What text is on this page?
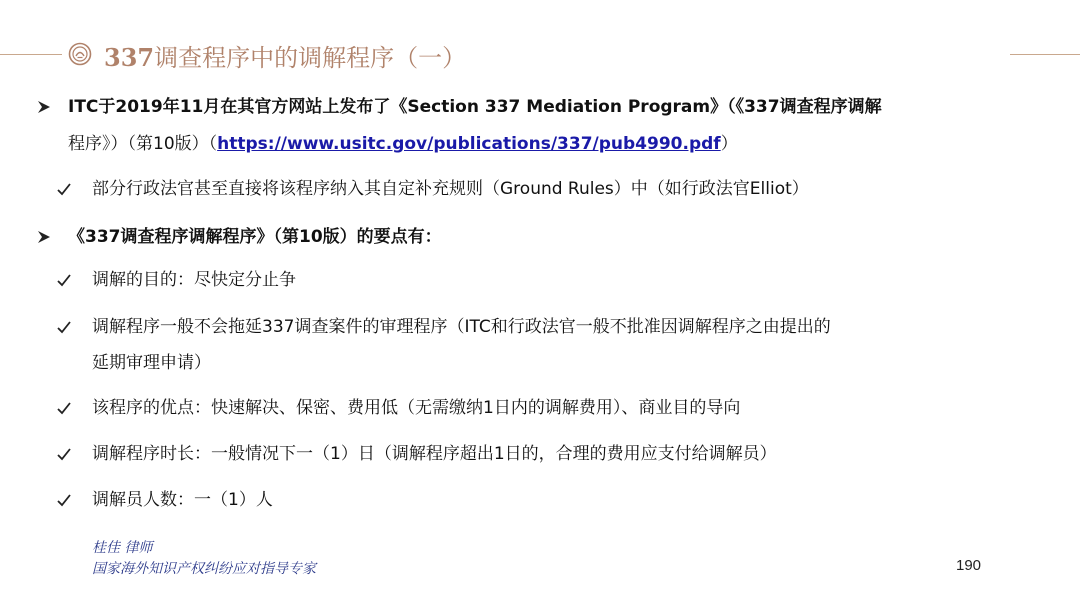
337调查程序中的调解程序（一）
ITC于2019年11月在其官方网站上发布了《Section 337 Mediation Program》（《337调查程序调解
程序》）（第10版）（https://www.usitc.gov/publications/337/pub4990.pdf）
部分行政法官甚至直接将该程序纳入其自定补充规则（Ground Rules）中（如行政法官Elliot）
《337调查程序调解程序》（第10版）的要点有：
调解的目的：尽快定分止争
调解程序一般不会拖延337调查案件的审理程序（ITC和行政法官一般不批准因调解程序之由提出的
延期审理申请）
该程序的优点：快速解决、保密、费用低（无需缴纳1日内的调解费用）、商业目的导向
调解程序时长：一般情况下一（1）日（调解程序超出1日的，合理的费用应支付给调解员）
调解员人数：一（1）人
桂佳 律师
国家海外知识产权纠纷应对指导专家	190
